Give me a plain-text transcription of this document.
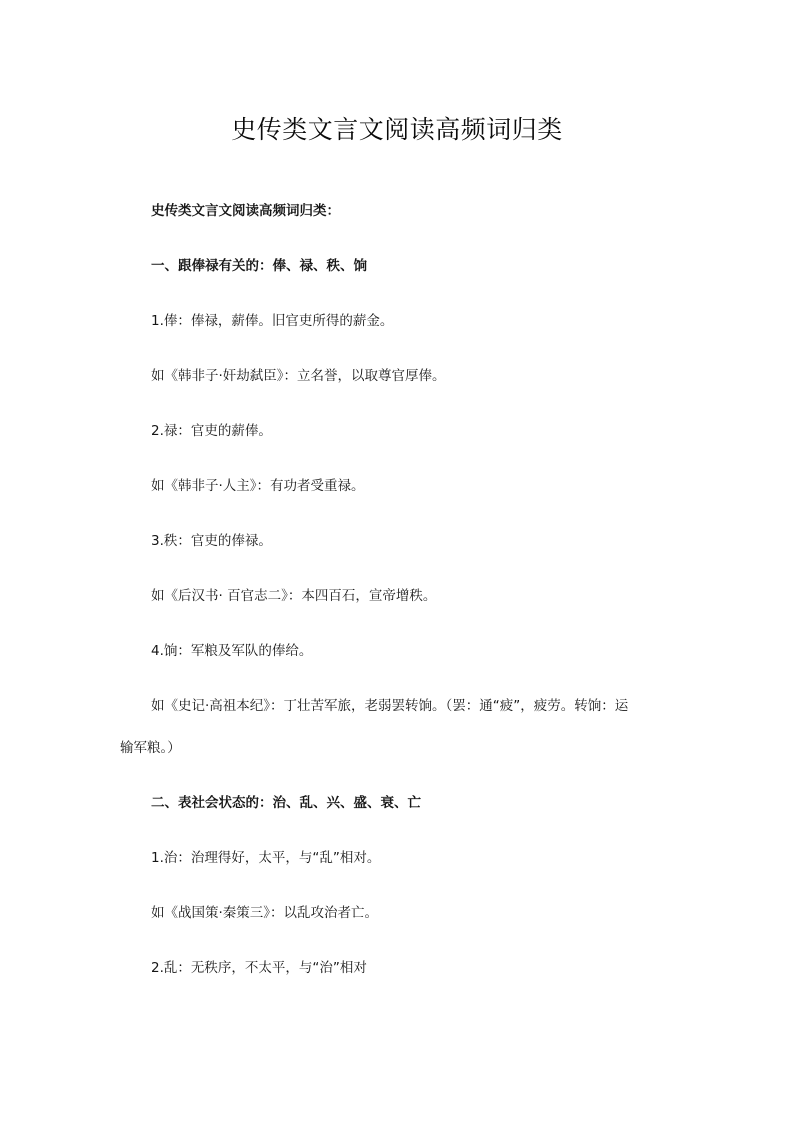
史传类文言文阅读高频词归类
史传类文言文阅读高频词归类：
一、跟俸禄有关的：俸、禄、秩、饷
1.俸：俸禄，薪俸。旧官吏所得的薪金。
如《韩非子·奸劫弑臣》：立名誉，以取尊官厚俸。
2.禄：官吏的薪俸。
如《韩非子·人主》：有功者受重禄。
3.秩：官吏的俸禄。
如《后汉书· 百官志二》：本四百石，宣帝增秩。
4.饷：军粮及军队的俸给。
如《史记·高祖本纪》：丁壮苦军旅，老弱罢转饷。（罢：通“疲”，疲劳。转饷：运
输军粮。）
二、表社会状态的：治、乱、兴、盛、衰、亡
1.治：治理得好，太平，与“乱”相对。
如《战国策·秦策三》：以乱攻治者亡。
2.乱：无秩序，不太平，与“治”相对
